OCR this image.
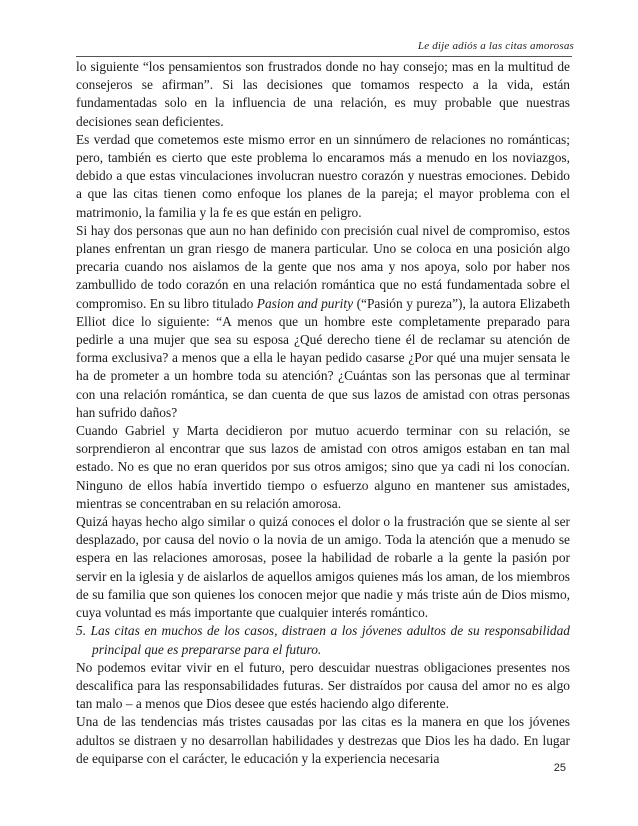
Le dije adiós a las citas amorosas

lo siguiente “los pensamientos son frustrados donde no hay consejo; mas en la multitud de consejeros se afirman”. Si las decisiones que tomamos respecto a la vida, están fundamentadas solo en la influencia de una relación, es muy probable que nuestras decisiones sean deficientes.

Es verdad que cometemos este mismo error en un sinnúmero de relaciones no románticas; pero, también es cierto que este problema lo encaramos más a menudo en los noviazgos, debido a que estas vinculaciones involucran nuestro corazón y nuestras emociones. Debido a que las citas tienen como enfoque los planes de la pareja; el mayor problema con el matrimonio, la familia y la fe es que están en peligro.

Si hay dos personas que aun no han definido con precisión cual nivel de compromiso, estos planes enfrentan un gran riesgo de manera particular. Uno se coloca en una posición algo precaria cuando nos aislamos de la gente que nos ama y nos apoya, solo por haber nos zambullido de todo corazón en una relación romántica que no está fundamentada sobre el compromiso. En su libro titulado Pasion and purity (“Pasión y pureza”), la autora Elizabeth Elliot dice lo siguiente: “A menos que un hombre este completamente preparado para pedirle a una mujer que sea su esposa ¿Qué derecho tiene él de reclamar su atención de forma exclusiva? a menos que a ella le hayan pedido casarse ¿Por qué una mujer sensata le ha de prometer a un hombre toda su atención? ¿Cuántas son las personas que al terminar con una relación romántica, se dan cuenta de que sus lazos de amistad con otras personas han sufrido daños?

Cuando Gabriel y Marta decidieron por mutuo acuerdo terminar con su relación, se sorprendieron al encontrar que sus lazos de amistad con otros amigos estaban en tan mal estado. No es que no eran queridos por sus otros amigos; sino que ya cadi ni los conocían. Ninguno de ellos había invertido tiempo o esfuerzo alguno en mantener sus amistades, mientras se concentraban en su relación amorosa.

Quizá hayas hecho algo similar o quizá conoces el dolor o la frustración que se siente al ser desplazado, por causa del novio o la novia de un amigo. Toda la atención que a menudo se espera en las relaciones amorosas, posee la habilidad de robarle a la gente la pasión por servir en la iglesia y de aislarlos de aquellos amigos quienes más los aman, de los miembros de su familia que son quienes los conocen mejor que nadie y más triste aún de Dios mismo, cuya voluntad es más importante que cualquier interés romántico.

5. Las citas en muchos de los casos, distraen a los jóvenes adultos de su responsabilidad principal que es prepararse para el futuro.

No podemos evitar vivir en el futuro, pero descuidar nuestras obligaciones presentes nos descalifica para las responsabilidades futuras. Ser distraídos por causa del amor no es algo tan malo – a menos que Dios desee que estés haciendo algo diferente.

Una de las tendencias más tristes causadas por las citas es la manera en que los jóvenes adultos se distraen y no desarrollan habilidades y destrezas que Dios les ha dado. En lugar de equiparse con el carácter, le educación y la experiencia necesaria

25
